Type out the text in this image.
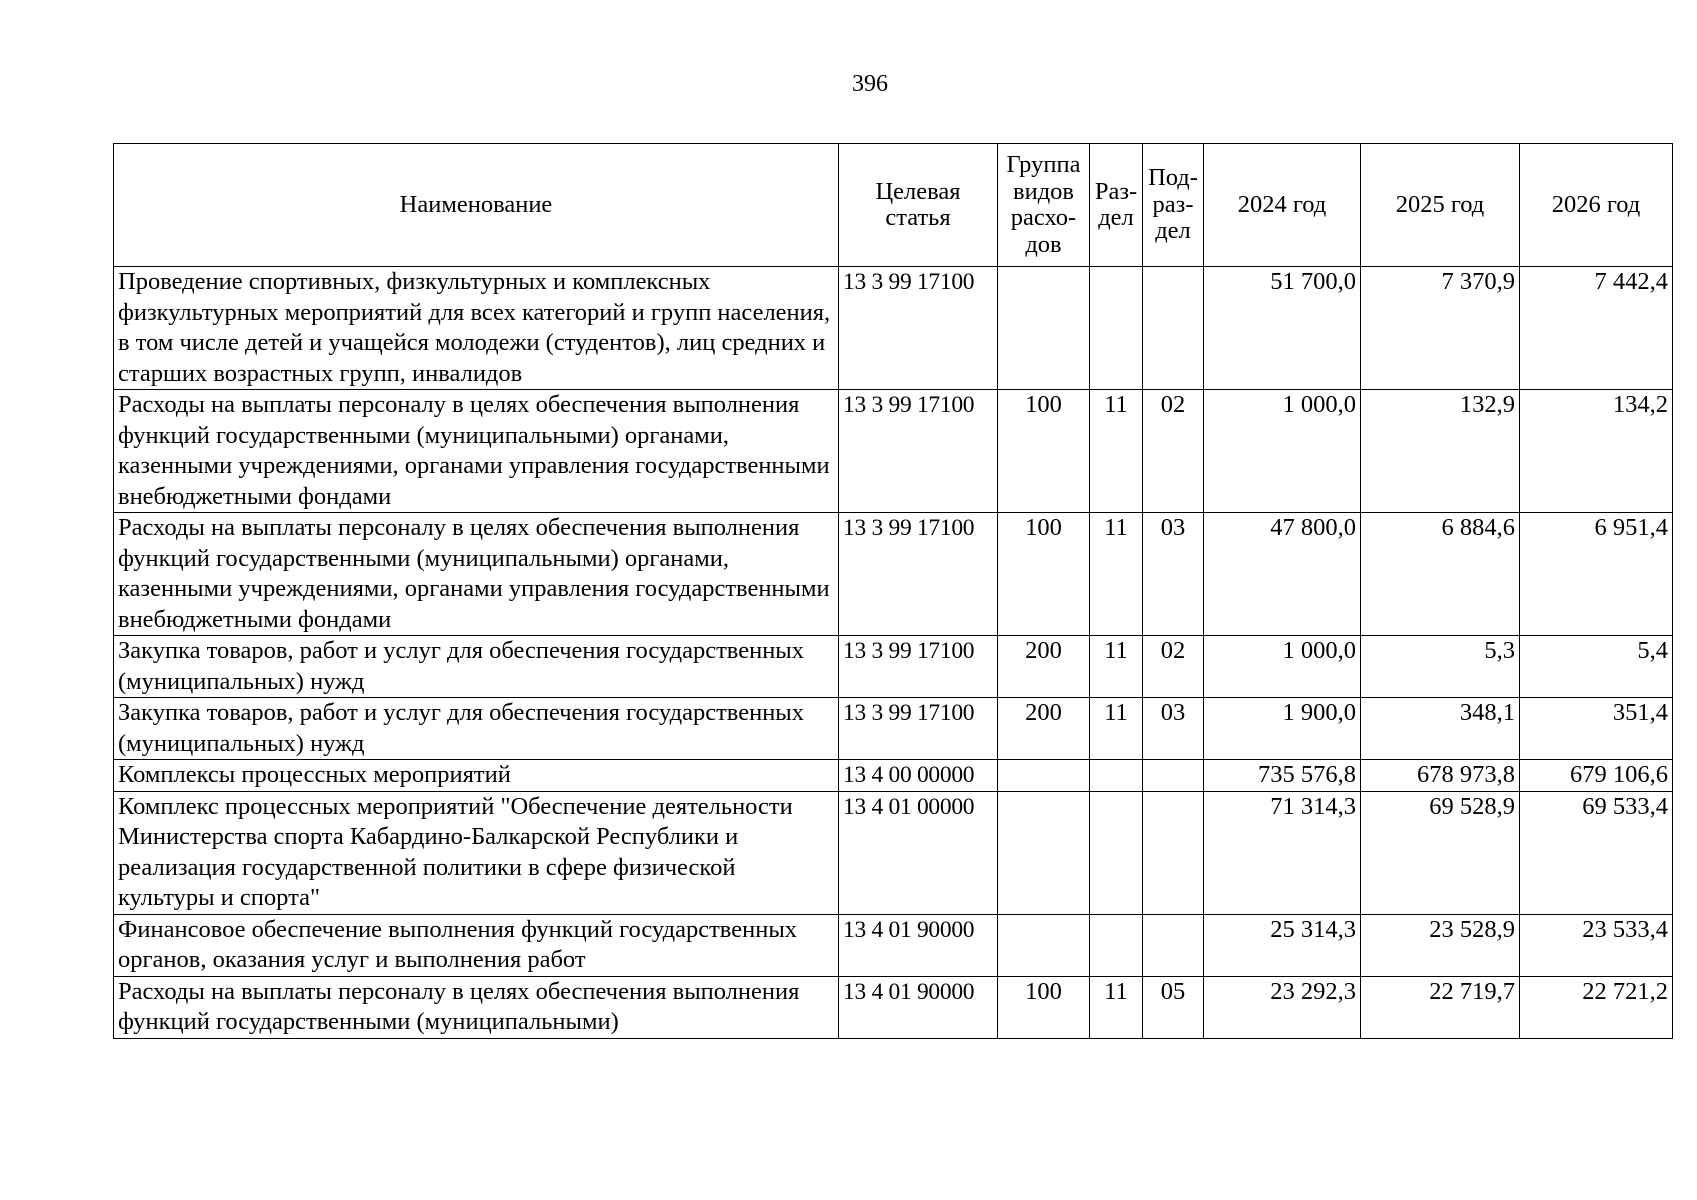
396
Наименование	Целевая статья	Группа видов расхо-дов	Раз-дел	Под-раз-дел	2024 год	2025 год	2026 год
Проведение спортивных, физкультурных и комплексных физкультурных мероприятий для всех категорий и групп населения, в том числе детей и учащейся молодежи (студентов), лиц средних и старших возрастных групп, инвалидов	13 3 99 17100				51 700,0	7 370,9	7 442,4
Расходы на выплаты персоналу в целях обеспечения выполнения функций государственными (муниципальными) органами, казенными учреждениями, органами управления государственными внебюджетными фондами	13 3 99 17100	100	11	02	1 000,0	132,9	134,2
Расходы на выплаты персоналу в целях обеспечения выполнения функций государственными (муниципальными) органами, казенными учреждениями, органами управления государственными внебюджетными фондами	13 3 99 17100	100	11	03	47 800,0	6 884,6	6 951,4
Закупка товаров, работ и услуг для обеспечения государственных (муниципальных) нужд	13 3 99 17100	200	11	02	1 000,0	5,3	5,4
Закупка товаров, работ и услуг для обеспечения государственных (муниципальных) нужд	13 3 99 17100	200	11	03	1 900,0	348,1	351,4
Комплексы процессных мероприятий	13 4 00 00000				735 576,8	678 973,8	679 106,6
Комплекс процессных мероприятий "Обеспечение деятельности Министерства спорта Кабардино-Балкарской Республики и реализация государственной политики в сфере физической культуры и спорта"	13 4 01 00000				71 314,3	69 528,9	69 533,4
Финансовое обеспечение выполнения функций государственных органов, оказания услуг и выполнения работ	13 4 01 90000				25 314,3	23 528,9	23 533,4
Расходы на выплаты персоналу в целях обеспечения выполнения функций государственными (муниципальными)	13 4 01 90000	100	11	05	23 292,3	22 719,7	22 721,2
